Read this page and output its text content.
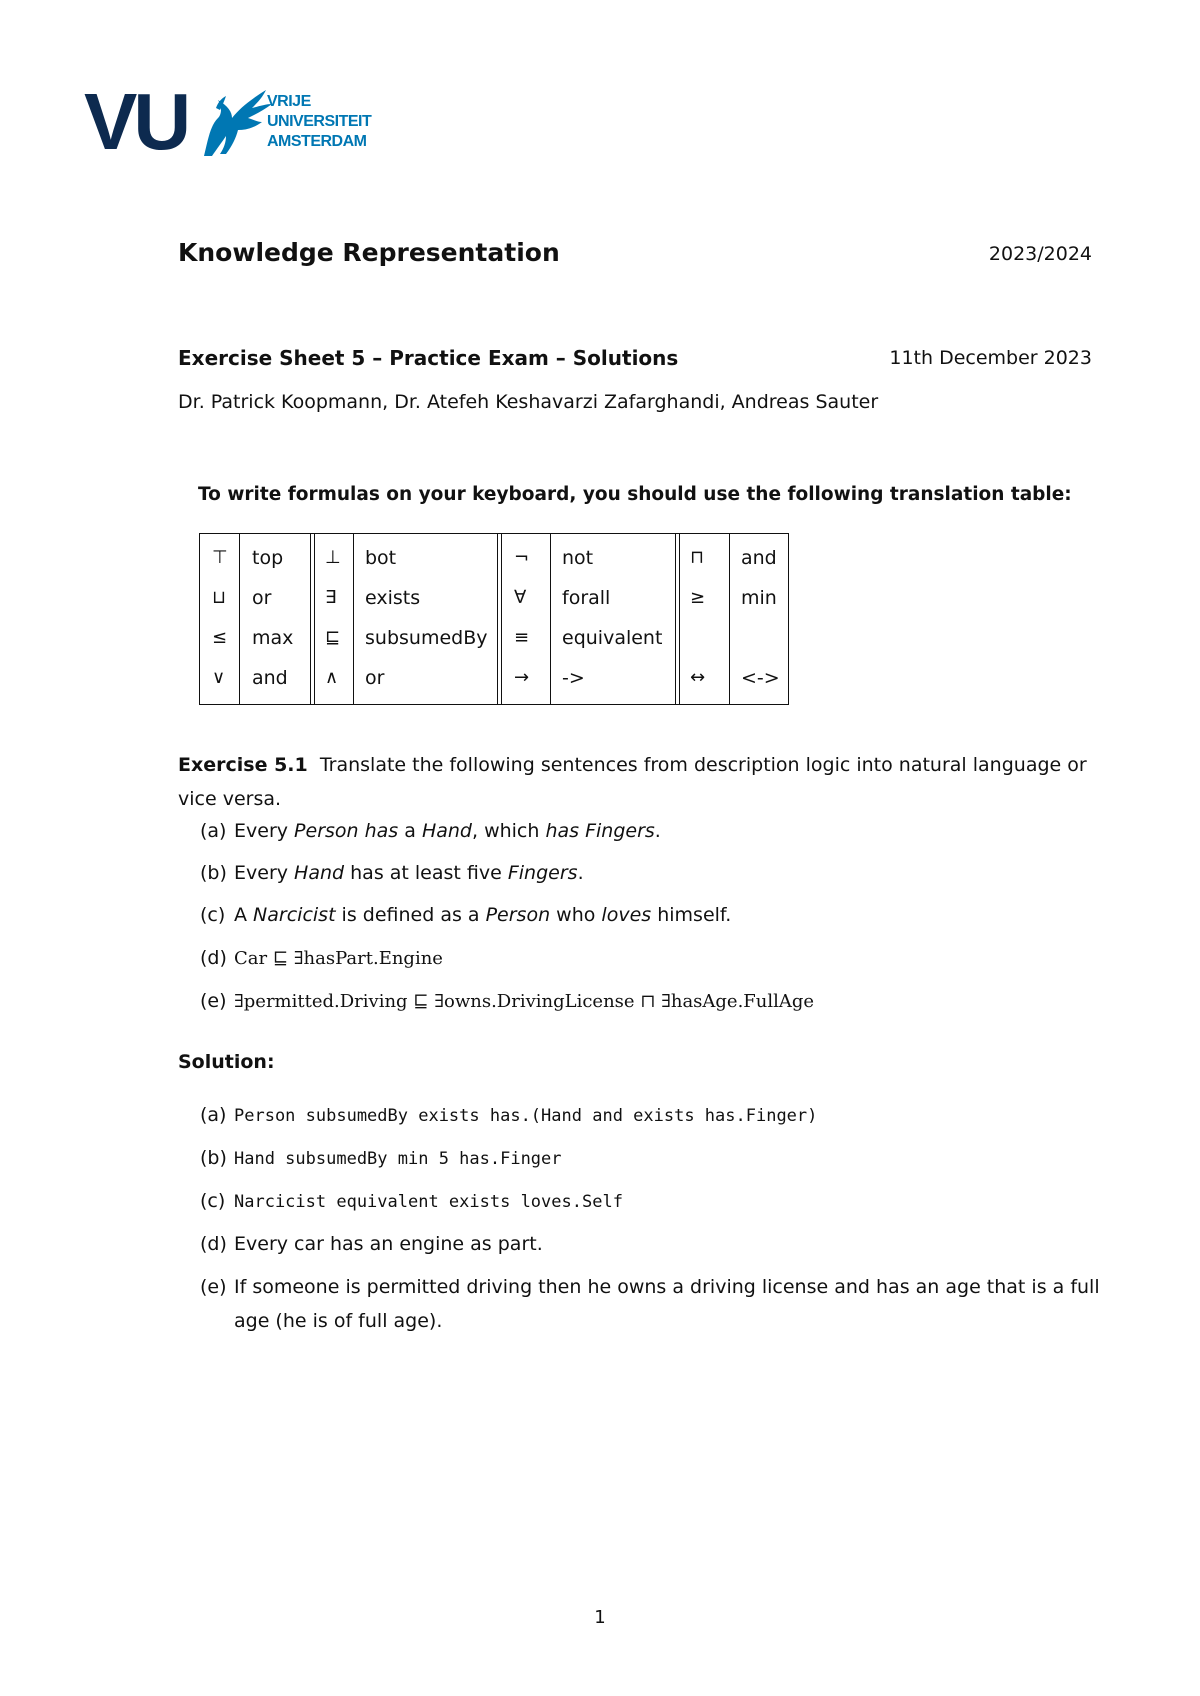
VU	VRIJE
UNIVERSITEIT
AMSTERDAM
Knowledge Representation	2023/2024
Exercise Sheet 5 – Practice Exam – Solutions	11th December 2023
Dr. Patrick Koopmann, Dr. Atefeh Keshavarzi Zafarghandi, Andreas Sauter
To write formulas on your keyboard, you should use the following translation table:
⊤ top ⊥ bot	¬ not	⊓ and
⊔ or	∃ exists	∀ forall	≥ min
≤ max ⊑ subsumedBy ≡ equivalent
∨ and ∧ or	→ ->	↔ <->
Exercise 5.1 Translate the following sentences from description logic into natural language or vice versa.
(a) Every Person has a Hand, which has Fingers.
(b) Every Hand has at least five Fingers.
(c) A Narcicist is defined as a Person who loves himself.
(d) Car ⊑ ∃hasPart.Engine
(e) ∃permitted.Driving ⊑ ∃owns.DrivingLicense ⊓ ∃hasAge.FullAge
Solution:
(a) Person subsumedBy exists has.(Hand and exists has.Finger)
(b) Hand subsumedBy min 5 has.Finger
(c) Narcicist equivalent exists loves.Self
(d) Every car has an engine as part.
(e) If someone is permitted driving then he owns a driving license and has an age that is a full
age (he is of full age).
1
